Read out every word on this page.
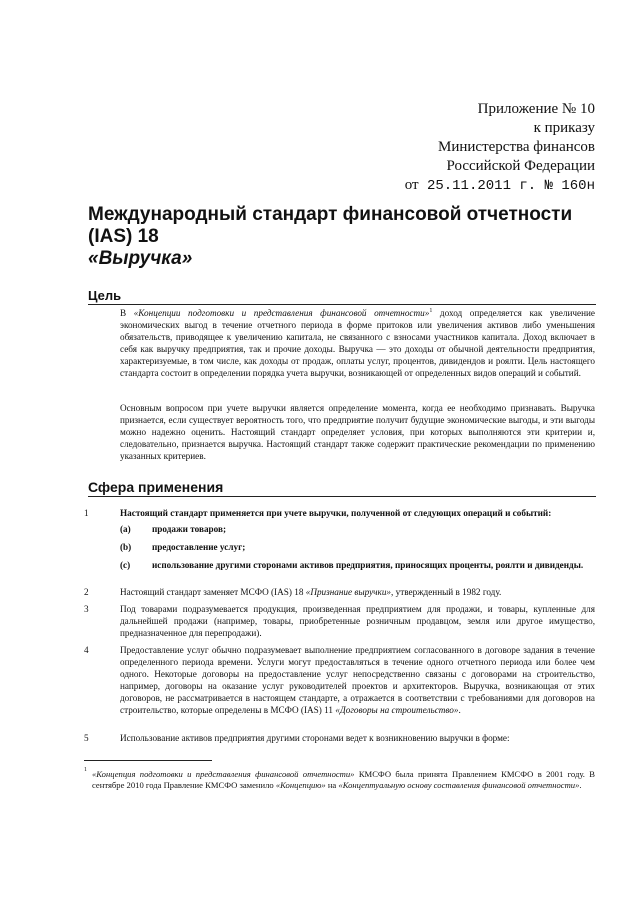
Приложение № 10
к приказу
Министерства финансов
Российской Федерации
от 25.11.2011 г. № 160н
Международный стандарт финансовой отчетности (IAS) 18
«Выручка»
Цель
В «Концепции подготовки и представления финансовой отчетности»$^1$ доход определяется как увеличение экономических выгод в течение отчетного периода в форме притоков или увеличения активов либо уменьшения обязательств, приводящее к увеличению капитала, не связанного с взносами участников капитала. Доход включает в себя как выручку предприятия, так и прочие доходы. Выручка — это доходы от обычной деятельности предприятия, характеризуемые, в том числе, как доходы от продаж, оплаты услуг, процентов, дивидендов и роялти. Цель настоящего стандарта состоит в определении порядка учета выручки, возникающей от определенных видов операций и событий.
Основным вопросом при учете выручки является определение момента, когда ее необходимо признавать. Выручка признается, если существует вероятность того, что предприятие получит будущие экономические выгоды, и эти выгоды можно надежно оценить. Настоящий стандарт определяет условия, при которых выполняются эти критерии и, следовательно, признается выручка. Настоящий стандарт также содержит практические рекомендации по применению указанных критериев.
Сфера применения
1	Настоящий стандарт применяется при учете выручки, полученной от следующих операций и событий:
(a) продажи товаров;
(b) предоставление услуг;
(c) использование другими сторонами активов предприятия, приносящих проценты, роялти и дивиденды.
2	Настоящий стандарт заменяет МСФО (IAS) 18 «Признание выручки», утвержденный в 1982 году.
3	Под товарами подразумевается продукция, произведенная предприятием для продажи, и товары, купленные для дальнейшей продажи (например, товары, приобретенные розничным продавцом, земля или другое имущество, предназначенное для перепродажи).
4	Предоставление услуг обычно подразумевает выполнение предприятием согласованного в договоре задания в течение определенного периода времени. Услуги могут предоставляться в течение одного отчетного периода или более чем одного. Некоторые договоры на предоставление услуг непосредственно связаны с договорами на строительство, например, договоры на оказание услуг руководителей проектов и архитекторов. Выручка, возникающая от этих договоров, не рассматривается в настоящем стандарте, а отражается в соответствии с требованиями для договоров на строительство, которые определены в МСФО (IAS) 11 «Договоры на строительство».
5	Использование активов предприятия другими сторонами ведет к возникновению выручки в форме:
1 «Концепция подготовки и представления финансовой отчетности» КМСФО была принята Правлением КМСФО в 2001 году. В сентябре 2010 года Правление КМСФО заменило «Концепцию» на «Концептуальную основу составления финансовой отчетности».
